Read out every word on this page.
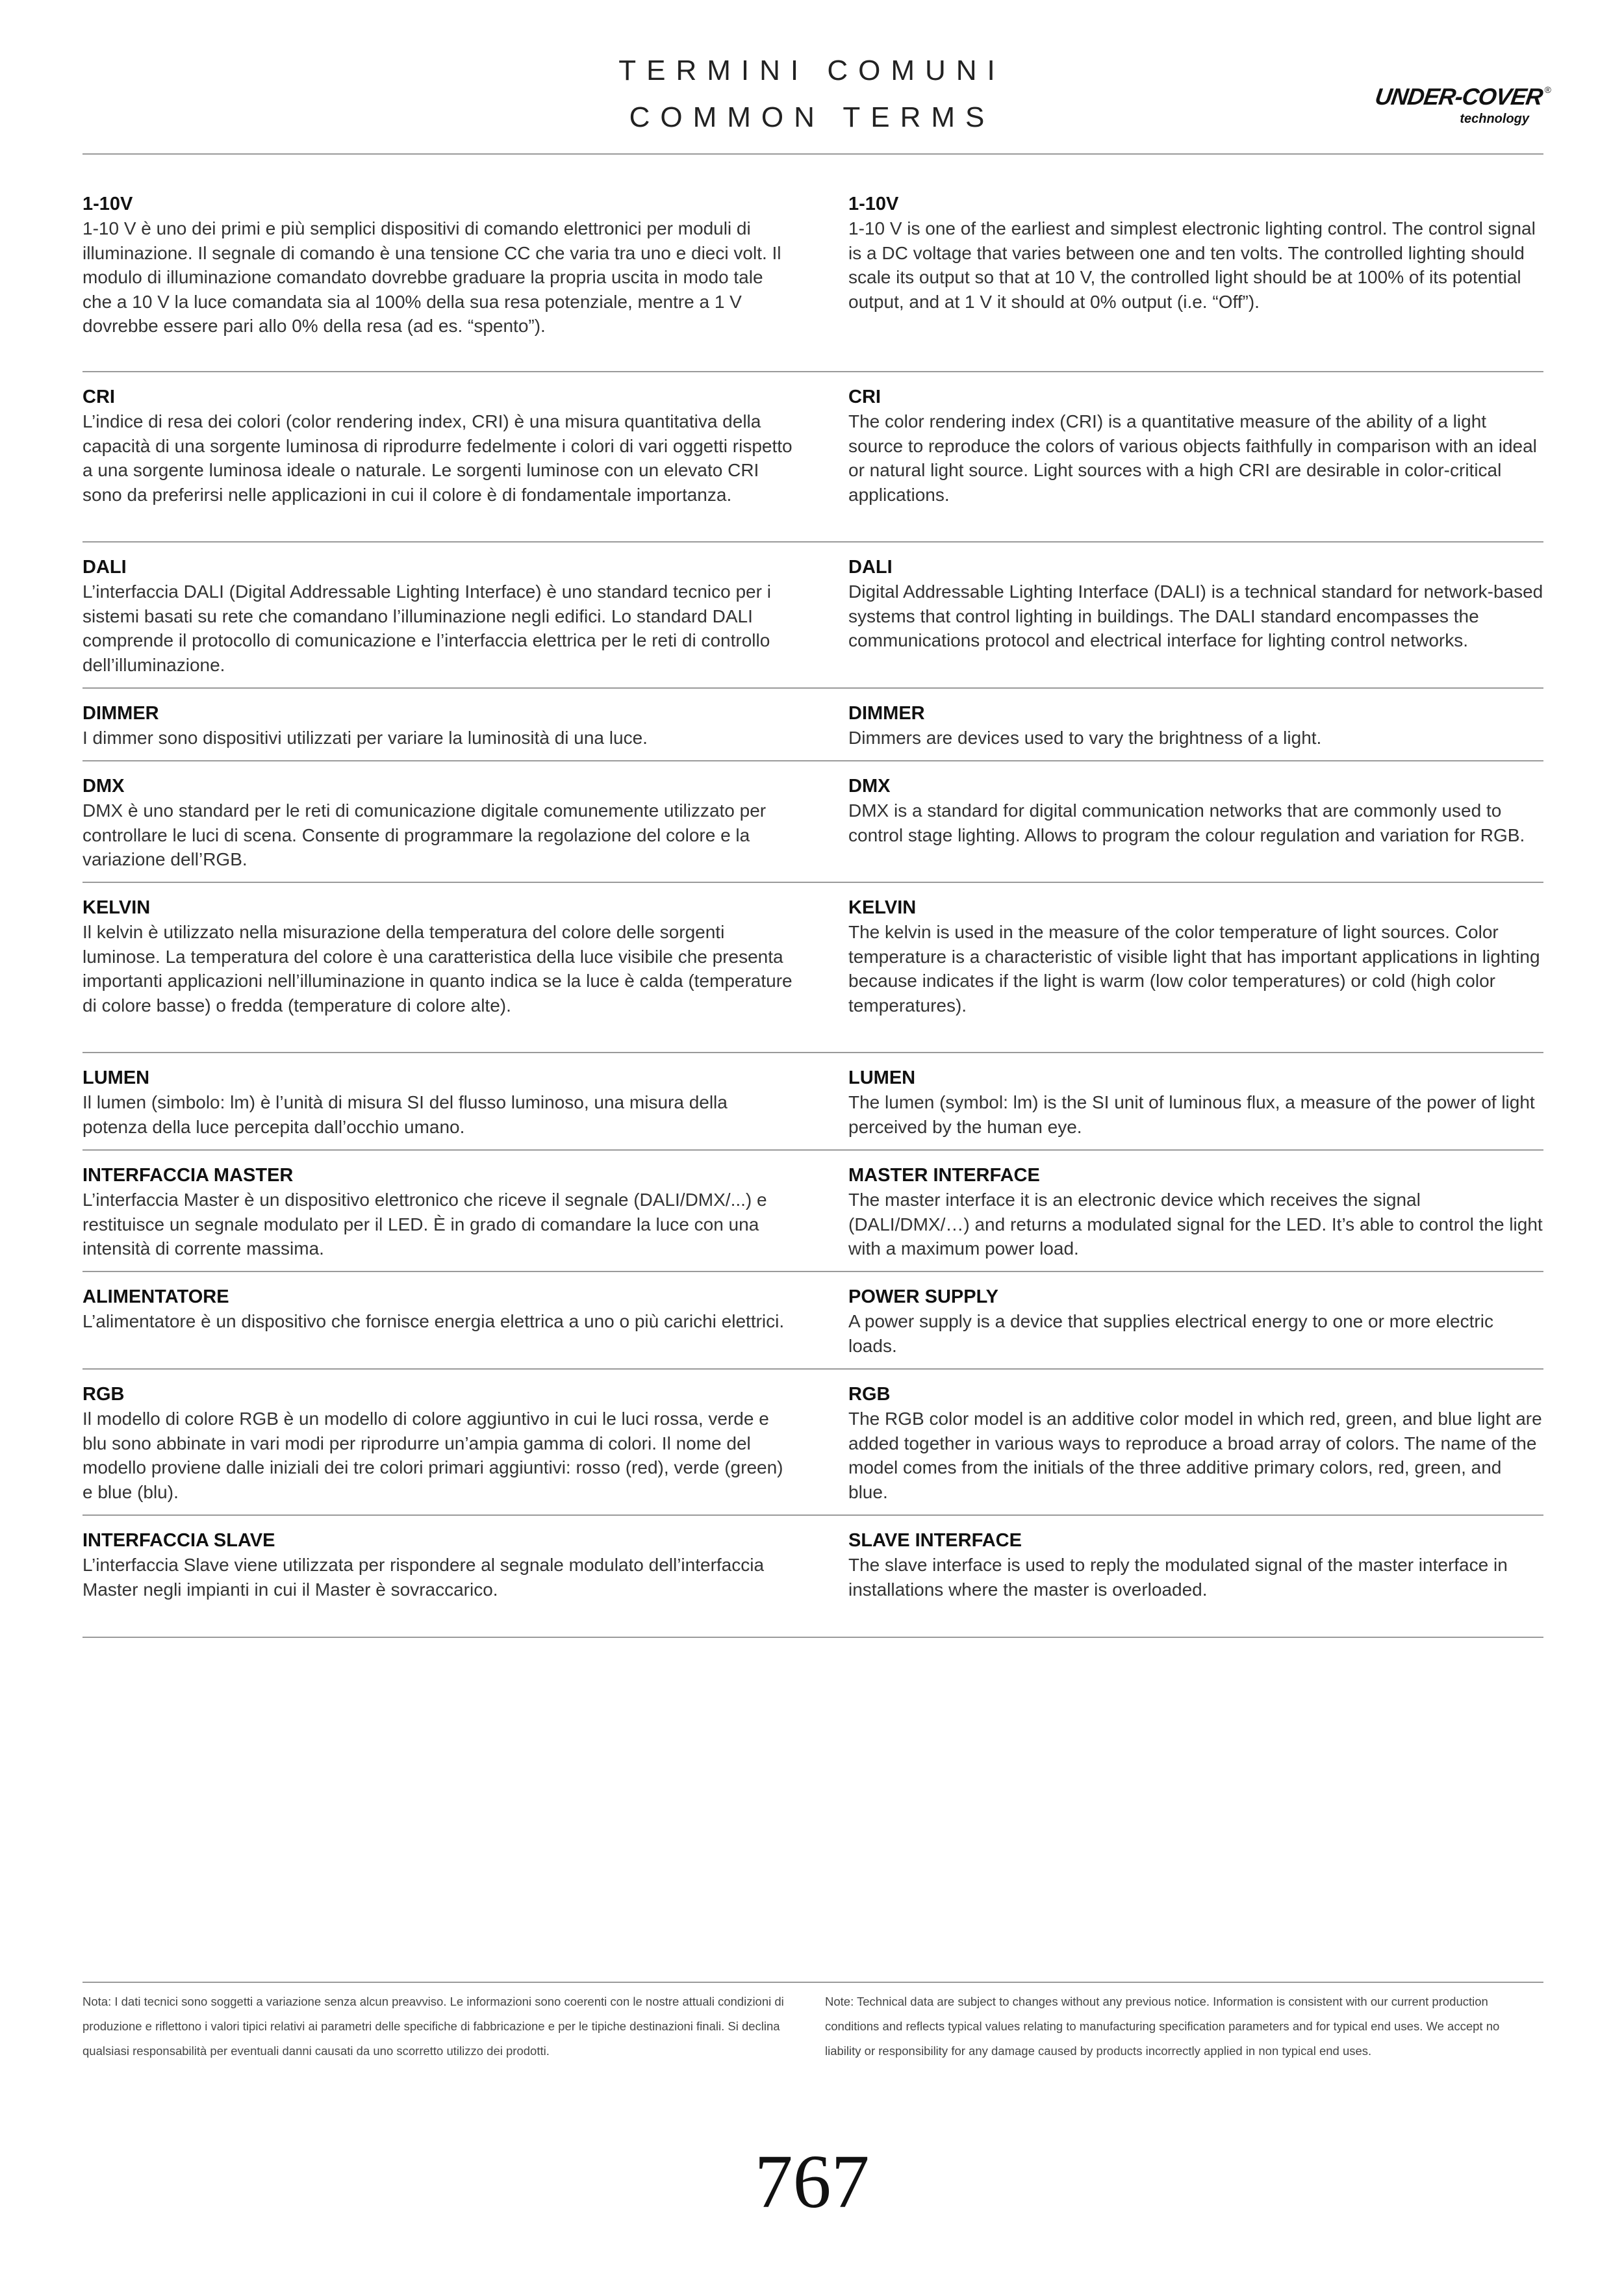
TERMINI COMUNI
COMMON TERMS
UNDER-COVER ®
technology
1-10V
1-10 V è uno dei primi e più semplici dispositivi di comando elettronici per moduli di illuminazione. Il segnale di comando è una tensione CC che varia tra uno e dieci volt. Il modulo di illuminazione comandato dovrebbe graduare la propria uscita in modo tale che a 10 V la luce comandata sia al 100% della sua resa potenziale, mentre a 1 V dovrebbe essere pari allo 0% della resa (ad es. “spento”).
1-10V
1-10 V is one of the earliest and simplest electronic lighting control. The control signal is a DC voltage that varies between one and ten volts. The controlled lighting should scale its output so that at 10 V, the controlled light should be at 100% of its potential output, and at 1 V it should at 0% output (i.e. “Off”).
CRI
L’indice di resa dei colori (color rendering index, CRI) è una misura quantitativa della capacità di una sorgente luminosa di riprodurre fedelmente i colori di vari oggetti rispetto a una sorgente luminosa ideale o naturale. Le sorgenti luminose con un elevato CRI sono da preferirsi nelle applicazioni in cui il colore è di fondamentale importanza.
CRI
The color rendering index (CRI) is a quantitative measure of the ability of a light source to reproduce the colors of various objects faithfully in comparison with an ideal or natural light source. Light sources with a high CRI are desirable in color-critical applications.
DALI
L’interfaccia DALI (Digital Addressable Lighting Interface) è uno standard tecnico per i sistemi basati su rete che comandano l’illuminazione negli edifici. Lo standard DALI comprende il protocollo di comunicazione e l’interfaccia elettrica per le reti di controllo dell’illuminazione.
DALI
Digital Addressable Lighting Interface (DALI) is a technical standard for network-based systems that control lighting in buildings. The DALI standard encompasses the communications protocol and electrical interface for lighting control networks.
DIMMER
I dimmer sono dispositivi utilizzati per variare la luminosità di una luce.
DIMMER
Dimmers are devices used to vary the brightness of a light.
DMX
DMX è uno standard per le reti di comunicazione digitale comunemente utilizzato per controllare le luci di scena. Consente di programmare la regolazione del colore e la variazione dell’RGB.
DMX
DMX is a standard for digital communication networks that are commonly used to control stage lighting. Allows to program the colour regulation and variation for RGB.
KELVIN
Il kelvin è utilizzato nella misurazione della temperatura del colore delle sorgenti luminose. La temperatura del colore è una caratteristica della luce visibile che presenta importanti applicazioni nell’illuminazione in quanto indica se la luce è calda (temperature di colore basse) o fredda (temperature di colore alte).
KELVIN
The kelvin is used in the measure of the color temperature of light sources. Color temperature is a characteristic of visible light that has important applications in lighting because indicates if the light is warm (low color temperatures) or cold (high color temperatures).
LUMEN
Il lumen (simbolo: lm) è l’unità di misura SI del flusso luminoso, una misura della potenza della luce percepita dall’occhio umano.
LUMEN
The lumen (symbol: lm) is the SI unit of luminous flux, a measure of the power of light perceived by the human eye.
INTERFACCIA MASTER
L’interfaccia Master è un dispositivo elettronico che riceve il segnale (DALI/DMX/...) e restituisce un segnale modulato per il LED. È in grado di comandare la luce con una intensità di corrente massima.
MASTER INTERFACE
The master interface it is an electronic device which receives the signal (DALI/DMX/…) and returns a modulated signal for the LED. It’s able to control the light with a maximum power load.
ALIMENTATORE
L’alimentatore è un dispositivo che fornisce energia elettrica a uno o più carichi elettrici.
POWER SUPPLY
A power supply is a device that supplies electrical energy to one or more electric loads.
RGB
Il modello di colore RGB è un modello di colore aggiuntivo in cui le luci rossa, verde e blu sono abbinate in vari modi per riprodurre un’ampia gamma di colori. Il nome del modello proviene dalle iniziali dei tre colori primari aggiuntivi: rosso (red), verde (green) e blue (blu).
RGB
The RGB color model is an additive color model in which red, green, and blue light are added together in various ways to reproduce a broad array of colors. The name of the model comes from the initials of the three additive primary colors, red, green, and blue.
INTERFACCIA SLAVE
L’interfaccia Slave viene utilizzata per rispondere al segnale modulato dell’interfaccia Master negli impianti in cui il Master è sovraccarico.
SLAVE INTERFACE
The slave interface is used to reply the modulated signal of the master interface in installations where the master is overloaded.
Nota: I dati tecnici sono soggetti a variazione senza alcun preavviso. Le informazioni sono coerenti con le nostre attuali condizioni di produzione e riflettono i valori tipici relativi ai parametri delle specifiche di fabbricazione e per le tipiche destinazioni finali. Si declina qualsiasi responsabilità per eventuali danni causati da uno scorretto utilizzo dei prodotti.
Note: Technical data are subject to changes without any previous notice. Information is consistent with our current production conditions and reflects typical values relating to manufacturing specification parameters and for typical end uses. We accept no liability or responsibility for any damage caused by products incorrectly applied in non typical end uses.
767
